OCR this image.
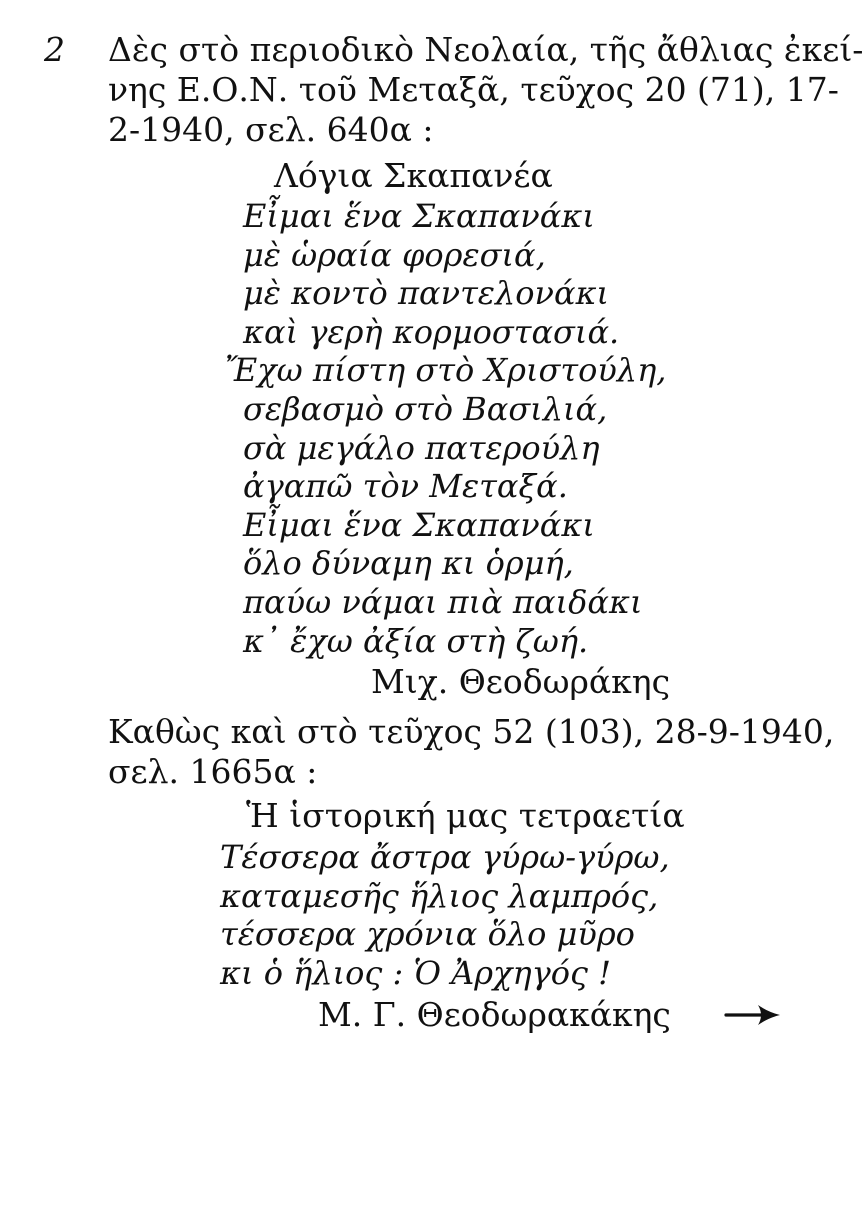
2 Δὲς στὸ περιοδικὸ Νεολαία, τῆς ἄθλιας ἐκεί-
νης Ε.Ο.Ν. τοῦ Μεταξᾶ, τεῦχος 20 (71), 17-
2-1940, σελ. 640α :
Λόγια Σκαπανέα
Εἶμαι ἕνα Σκαπανάκι
μὲ ὡραία φορεσιά,
μὲ κοντὸ παντελονάκι
καὶ γερὴ κορμοστασιά.
Ἔχω πίστη στὸ Χριστούλη,
σεβασμὸ στὸ Βασιλιά,
σὰ μεγάλο πατερούλη
ἀγαπῶ τὸν Μεταξά.
Εἶμαι ἕνα Σκαπανάκι
ὅλο δύναμη κι ὁρμή,
παύω νάμαι πιὰ παιδάκι
κ᾽ ἔχω ἀξία στὴ ζωή.
Μιχ. Θεοδωράκης
Καθὼς καὶ στὸ τεῦχος 52 (103), 28-9-1940,
σελ. 1665α :
Ἡ ἱστορική μας τετραετία
Τέσσερα ἄστρα γύρω-γύρω,
καταμεσῆς ἥλιος λαμπρός,
τέσσερα χρόνια ὅλο μῦρο
κι ὁ ἥλιος : Ὁ Ἀρχηγός !
Μ. Γ. Θεοδωρακάκης
